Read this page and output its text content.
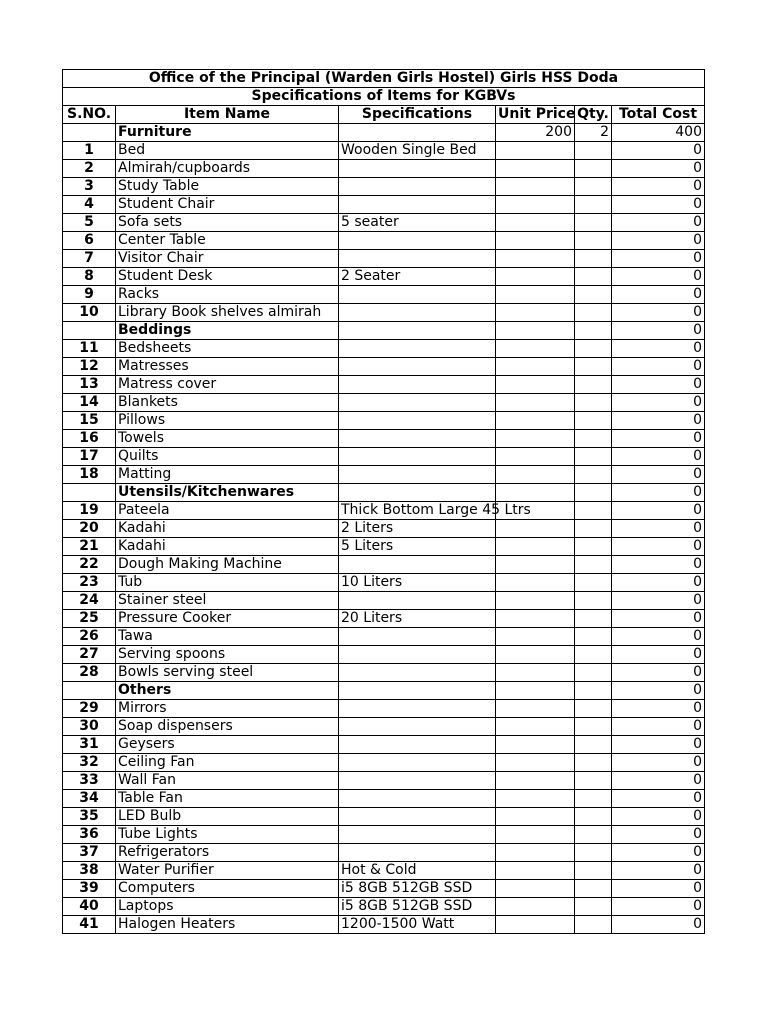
Office of the Principal (Warden Girls Hostel) Girls HSS Doda					
Specifications of Items for KGBVs					
S.NO.	Item Name	Specifications	Unit Price	Qty.	Total Cost
	Furniture		200	2	400
1	Bed	Wooden Single Bed			0
2	Almirah/cupboards				0
3	Study Table				0
4	Student Chair				0
5	Sofa sets	5 seater			0
6	Center Table				0
7	Visitor Chair				0
8	Student Desk	2 Seater			0
9	Racks				0
10	Library Book shelves almirah				0
	Beddings				0
11	Bedsheets				0
12	Matresses				0
13	Matress cover				0
14	Blankets				0
15	Pillows				0
16	Towels				0
17	Quilts				0
18	Matting				0
	Utensils/Kitchenwares				0
19	Pateela	Thick Bottom Large 45 Ltrs			0
20	Kadahi	2 Liters			0
21	Kadahi	5 Liters			0
22	Dough Making Machine				0
23	Tub	10 Liters			0
24	Stainer steel				0
25	Pressure Cooker	20 Liters			0
26	Tawa				0
27	Serving spoons				0
28	Bowls serving steel				0
	Others				0
29	Mirrors				0
30	Soap dispensers				0
31	Geysers				0
32	Ceiling Fan				0
33	Wall Fan				0
34	Table Fan				0
35	LED Bulb				0
36	Tube Lights				0
37	Refrigerators				0
38	Water Purifier	Hot & Cold			0
39	Computers	i5 8GB 512GB SSD			0
40	Laptops	i5 8GB 512GB SSD			0
41	Halogen Heaters	1200-1500 Watt			0
